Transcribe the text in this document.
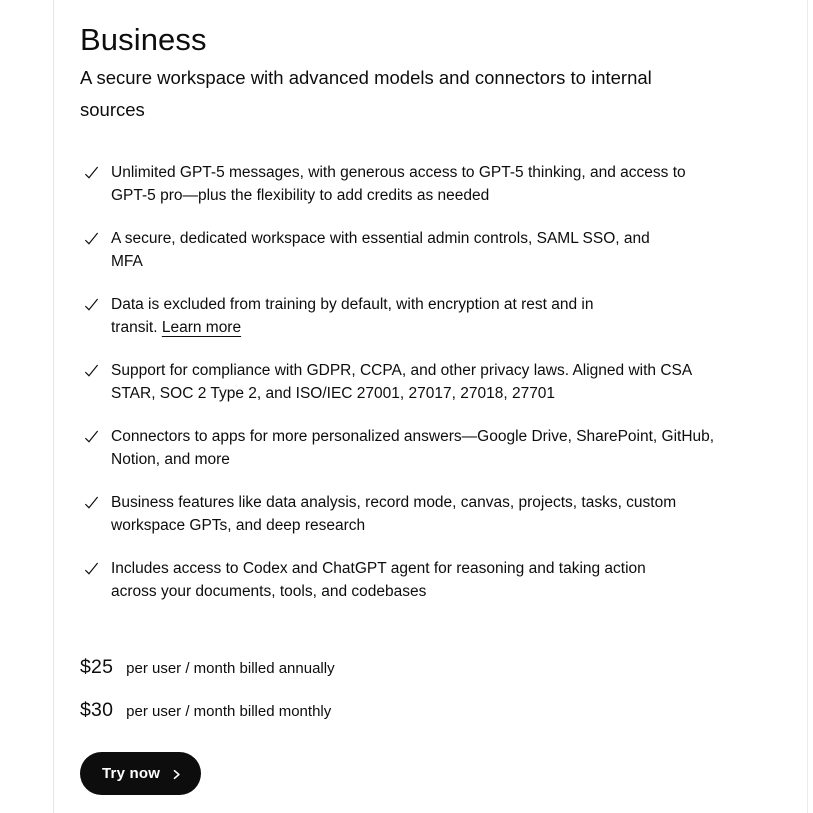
Business

A secure workspace with advanced models and connectors to internal sources

Unlimited GPT-5 messages, with generous access to GPT-5 thinking, and access to GPT-5 pro—plus the flexibility to add credits as needed

A secure, dedicated workspace with essential admin controls, SAML SSO, and MFA

Data is excluded from training by default, with encryption at rest and in transit. Learn more

Support for compliance with GDPR, CCPA, and other privacy laws. Aligned with CSA STAR, SOC 2 Type 2, and ISO/IEC 27001, 27017, 27018, 27701

Connectors to apps for more personalized answers—Google Drive, SharePoint, GitHub, Notion, and more

Business features like data analysis, record mode, canvas, projects, tasks, custom workspace GPTs, and deep research

Includes access to Codex and ChatGPT agent for reasoning and taking action across your documents, tools, and codebases

$25 per user / month billed annually
$30 per user / month billed monthly
Try now
